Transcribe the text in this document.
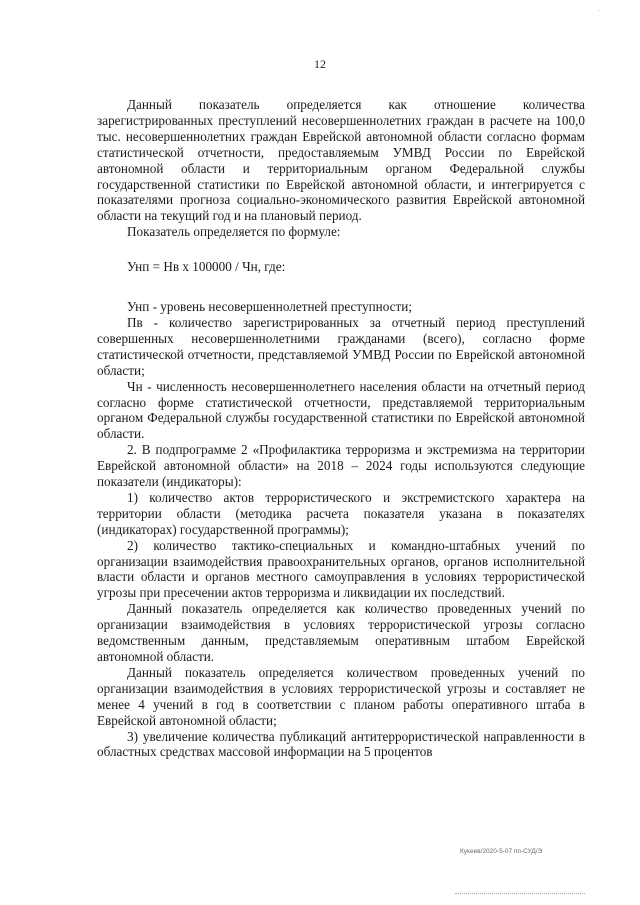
·
12

Данный показатель определяется как отношение количества зарегистрированных преступлений несовершеннолетних граждан в расчете на 100,0 тыс. несовершеннолетних граждан Еврейской автономной области согласно формам статистической отчетности, предоставляемым УМВД России по Еврейской автономной области и территориальным органом Федеральной службы государственной статистики по Еврейской автономной области, и интегрируется с показателями прогноза социально-экономического развития Еврейской автономной области на текущий год и на плановый период.

Показатель определяется по формуле:

Унп = Нв х 100000 / Чн, где:

Унп - уровень несовершеннолетней преступности;

Пв - количество зарегистрированных за отчетный период преступлений совершенных несовершеннолетними гражданами (всего), согласно форме статистической отчетности, представляемой УМВД России по Еврейской автономной области;

Чн - численность несовершеннолетнего населения области на отчетный период согласно форме статистической отчетности, представляемой территориальным органом Федеральной службы государственной статистики по Еврейской автономной области.

2. В подпрограмме 2 «Профилактика терроризма и экстремизма на территории Еврейской автономной области» на 2018 – 2024 годы используются следующие показатели (индикаторы):

1) количество актов террористического и экстремистского характера на территории области (методика расчета показателя указана в показателях (индикаторах) государственной программы);

2) количество тактико-специальных и командно-штабных учений по организации взаимодействия правоохранительных органов, органов исполнительной власти области и органов местного самоуправления в условиях террористической угрозы при пресечении актов терроризма и ликвидации их последствий.

Данный показатель определяется как количество проведенных учений по организации взаимодействия в условиях террористической угрозы согласно ведомственным данным, представляемым оперативным штабом Еврейской автономной области.

Данный показатель определяется количеством проведенных учений по организации взаимодействия в условиях террористической угрозы и составляет не менее 4 учений в год в соответствии с планом работы оперативного штаба в Еврейской автономной области;

3) увеличение количества публикаций антитеррористической направленности в областных средствах массовой информации на 5 процентов

Кукеев/2020-5-07 пп-СУД/Э
